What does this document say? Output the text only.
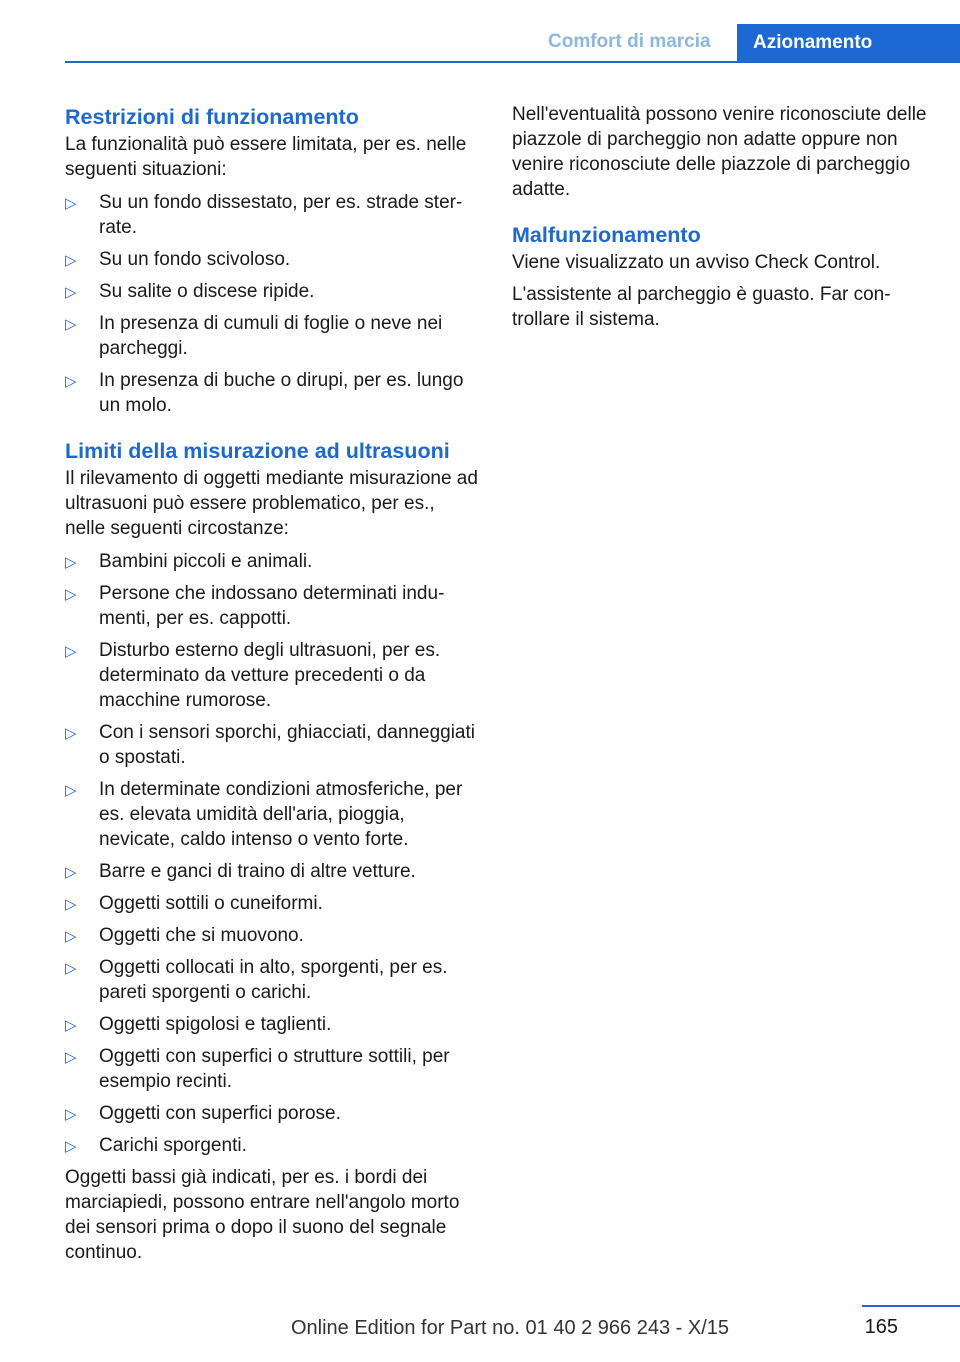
Comfort di marcia	Azionamento
Restrizioni di funzionamento

La funzionalità può essere limitata, per es. nelle seguenti situazioni:

▷ Su un fondo dissestato, per es. strade sterrate.
▷ Su un fondo scivoloso.
▷ Su salite o discese ripide.
▷ In presenza di cumuli di foglie o neve nei parcheggi.
▷ In presenza di buche o dirupi, per es. lungo un molo.
Limiti della misurazione ad ultrasuoni

Il rilevamento di oggetti mediante misurazione ad ultrasuoni può essere problematico, per es., nelle seguenti circostanze:

▷ Bambini piccoli e animali.
▷ Persone che indossano determinati indumenti, per es. cappotti.
▷ Disturbo esterno degli ultrasuoni, per es. determinato da vetture precedenti o da macchine rumorose.
▷ Con i sensori sporchi, ghiacciati, danneggiati o spostati.
▷ In determinate condizioni atmosferiche, per es. elevata umidità dell'aria, pioggia, nevicate, caldo intenso o vento forte.
▷ Barre e ganci di traino di altre vetture.
▷ Oggetti sottili o cuneiformi.
▷ Oggetti che si muovono.
▷ Oggetti collocati in alto, sporgenti, per es. pareti sporgenti o carichi.
▷ Oggetti spigolosi e taglienti.
▷ Oggetti con superfici o strutture sottili, per esempio recinti.
▷ Oggetti con superfici porose.
▷ Carichi sporgenti.

Oggetti bassi già indicati, per es. i bordi dei marciapiedi, possono entrare nell'angolo morto dei sensori prima o dopo il suono del segnale continuo.

Nell'eventualità possono venire riconosciute delle piazzole di parcheggio non adatte oppure non venire riconosciute delle piazzole di parcheggio adatte.

Malfunzionamento

Viene visualizzato un avviso Check Control.

L'assistente al parcheggio è guasto. Far controllare il sistema.

165
Online Edition for Part no. 01 40 2 966 243 - X/15
